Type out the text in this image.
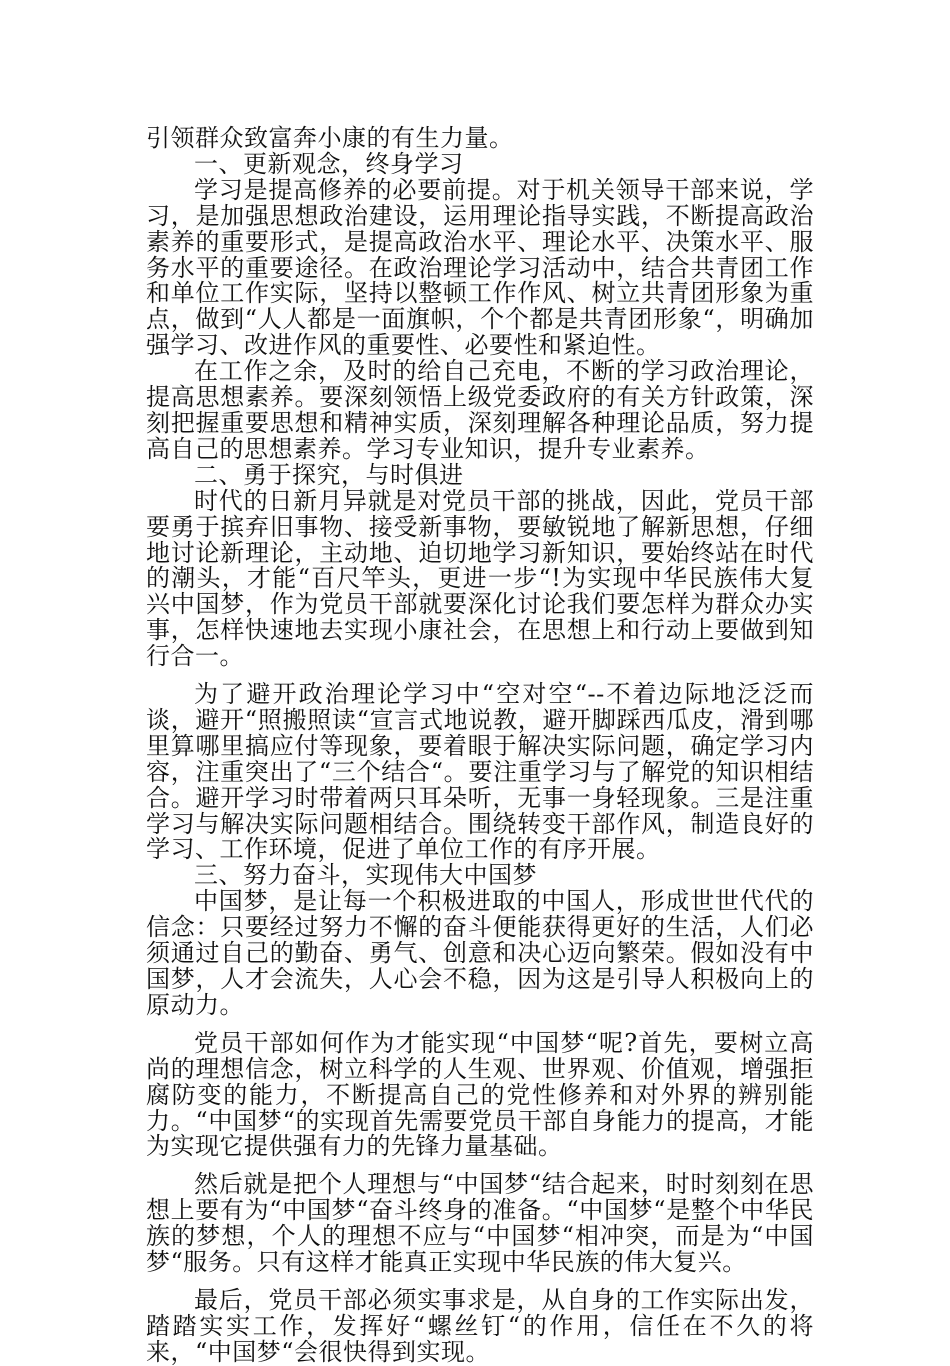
引领群众致富奔小康的有生力量。

一、更新观念，终身学习

学习是提高修养的必要前提。对于机关领导干部来说，学习，是加强思想政治建设，运用理论指导实践，不断提高政治素养的重要形式，是提高政治水平、理论水平、决策水平、服务水平的重要途径。在政治理论学习活动中，结合共青团工作和单位工作实际，坚持以整顿工作作风、树立共青团形象为重点，做到“人人都是一面旗帜，个个都是共青团形象“，明确加强学习、改进作风的重要性、必要性和紧迫性。

在工作之余，及时的给自己充电，不断的学习政治理论，提高思想素养。要深刻领悟上级党委政府的有关方针政策，深刻把握重要思想和精神实质，深刻理解各种理论品质，努力提高自己的思想素养。学习专业知识，提升专业素养。

二、勇于探究，与时俱进

时代的日新月异就是对党员干部的挑战，因此，党员干部要勇于摈弃旧事物、接受新事物，要敏锐地了解新思想，仔细地讨论新理论，主动地、迫切地学习新知识，要始终站在时代的潮头，才能“百尺竿头，更进一步“!为实现中华民族伟大复兴中国梦，作为党员干部就要深化讨论我们要怎样为群众办实事，怎样快速地去实现小康社会，在思想上和行动上要做到知行合一。

为了避开政治理论学习中“空对空“--不着边际地泛泛而谈，避开“照搬照读“宣言式地说教，避开脚踩西瓜皮，滑到哪里算哪里搞应付等现象，要着眼于解决实际问题，确定学习内容，注重突出了“三个结合“。要注重学习与了解党的知识相结合。避开学习时带着两只耳朵听，无事一身轻现象。三是注重学习与解决实际问题相结合。围绕转变干部作风，制造良好的学习、工作环境，促进了单位工作的有序开展。

三、努力奋斗，实现伟大中国梦

中国梦，是让每一个积极进取的中国人，形成世世代代的信念：只要经过努力不懈的奋斗便能获得更好的生活，人们必须通过自己的勤奋、勇气、创意和决心迈向繁荣。假如没有中国梦，人才会流失，人心会不稳，因为这是引导人积极向上的原动力。

党员干部如何作为才能实现“中国梦“呢?首先，要树立高尚的理想信念，树立科学的人生观、世界观、价值观，增强拒腐防变的能力，不断提高自己的党性修养和对外界的辨别能力。“中国梦“的实现首先需要党员干部自身能力的提高，才能为实现它提供强有力的先锋力量基础。

然后就是把个人理想与“中国梦“结合起来，时时刻刻在思想上要有为“中国梦“奋斗终身的准备。“中国梦“是整个中华民族的梦想，个人的理想不应与“中国梦“相冲突，而是为“中国梦“服务。只有这样才能真正实现中华民族的伟大复兴。

最后，党员干部必须实事求是，从自身的工作实际出发，踏踏实实工作，发挥好“螺丝钉“的作用，信任在不久的将来，“中国梦“会很快得到实现。
